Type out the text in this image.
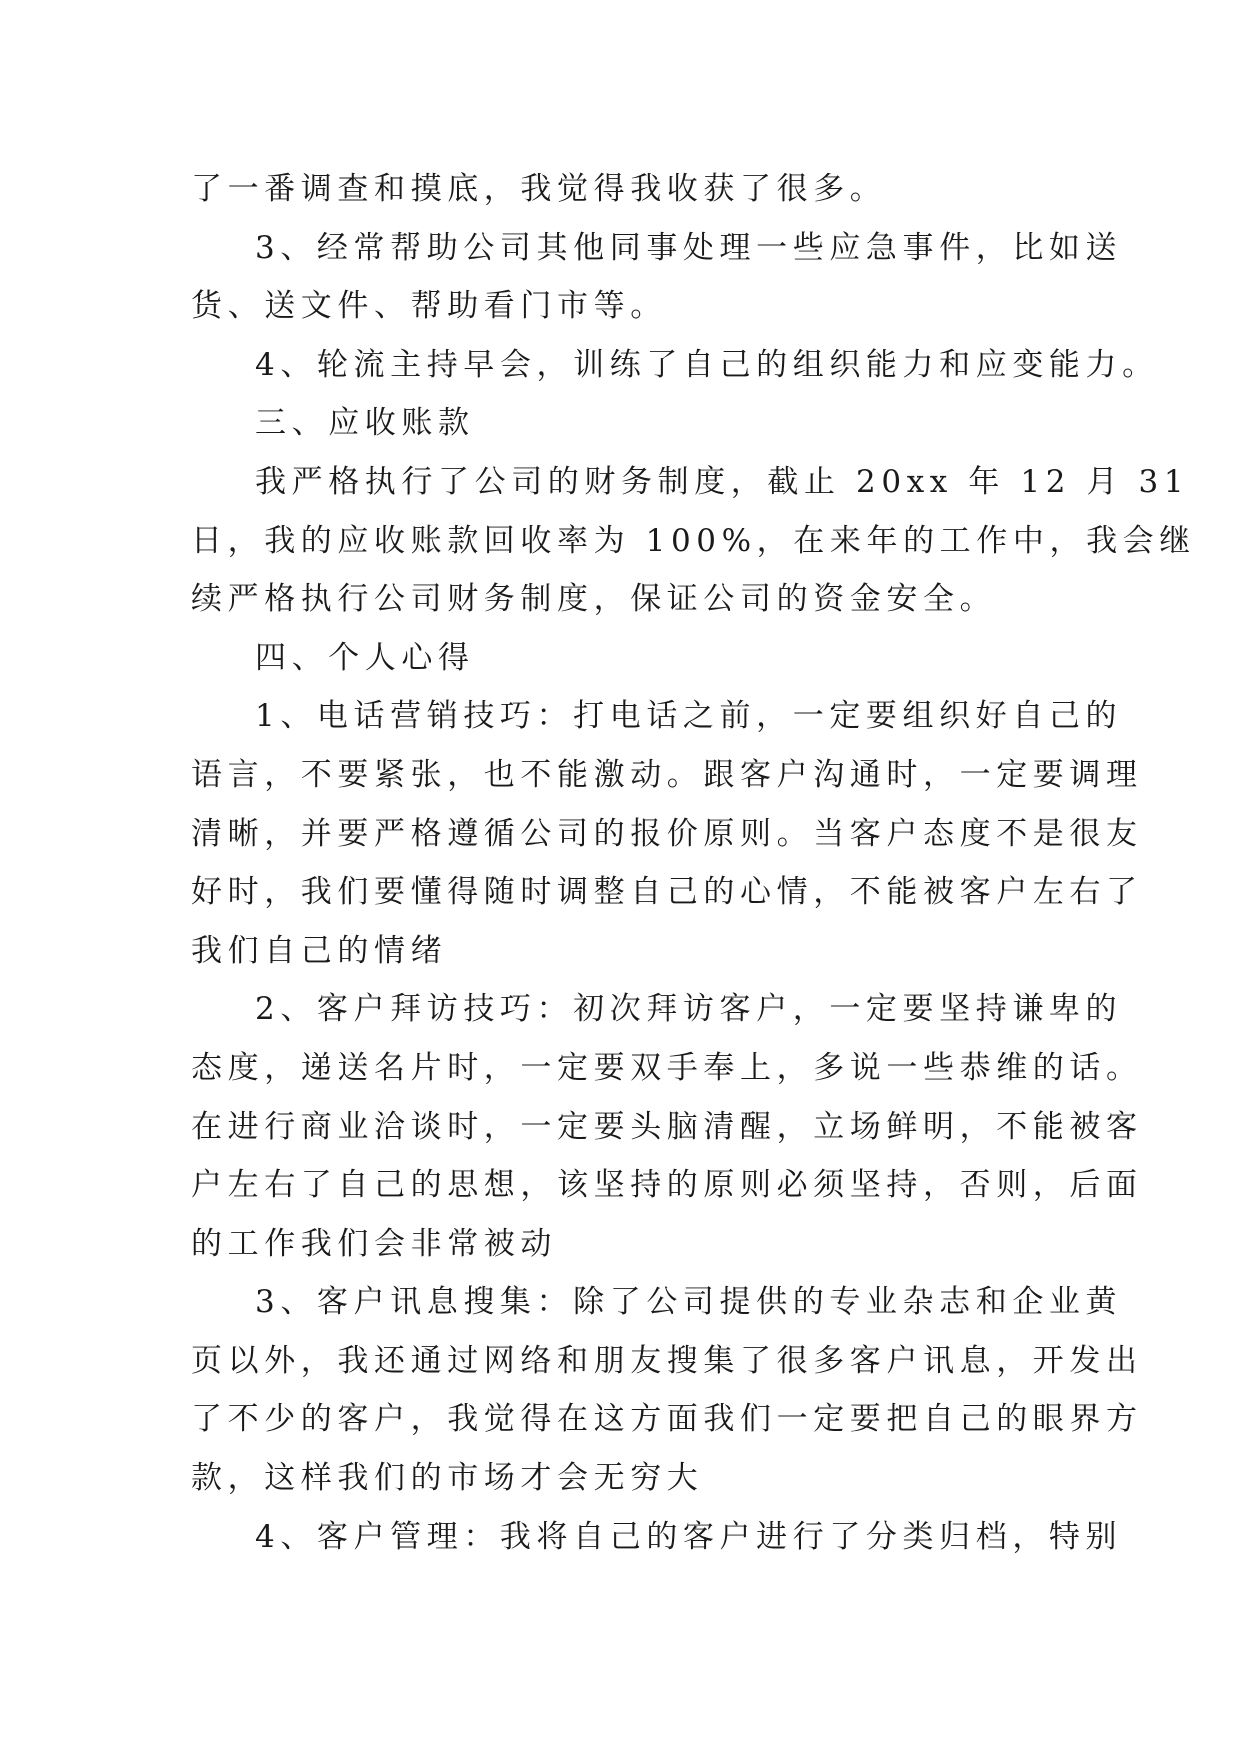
了一番调查和摸底，我觉得我收获了很多。

3、经常帮助公司其他同事处理一些应急事件，比如送

货、送文件、帮助看门市等。

4、轮流主持早会，训练了自己的组织能力和应变能力。

三、应收账款

我严格执行了公司的财务制度，截止 20xx 年 12 月 31

日，我的应收账款回收率为 100%，在来年的工作中，我会继

续严格执行公司财务制度，保证公司的资金安全。

四、个人心得

1、电话营销技巧：打电话之前，一定要组织好自己的

语言，不要紧张，也不能激动。跟客户沟通时，一定要调理

清晰，并要严格遵循公司的报价原则。当客户态度不是很友

好时，我们要懂得随时调整自己的心情，不能被客户左右了

我们自己的情绪

2、客户拜访技巧：初次拜访客户，一定要坚持谦卑的

态度，递送名片时，一定要双手奉上，多说一些恭维的话。

在进行商业洽谈时，一定要头脑清醒，立场鲜明，不能被客

户左右了自己的思想，该坚持的原则必须坚持，否则，后面

的工作我们会非常被动

3、客户讯息搜集：除了公司提供的专业杂志和企业黄

页以外，我还通过网络和朋友搜集了很多客户讯息，开发出

了不少的客户，我觉得在这方面我们一定要把自己的眼界方

款，这样我们的市场才会无穷大

4、客户管理：我将自己的客户进行了分类归档，特别
